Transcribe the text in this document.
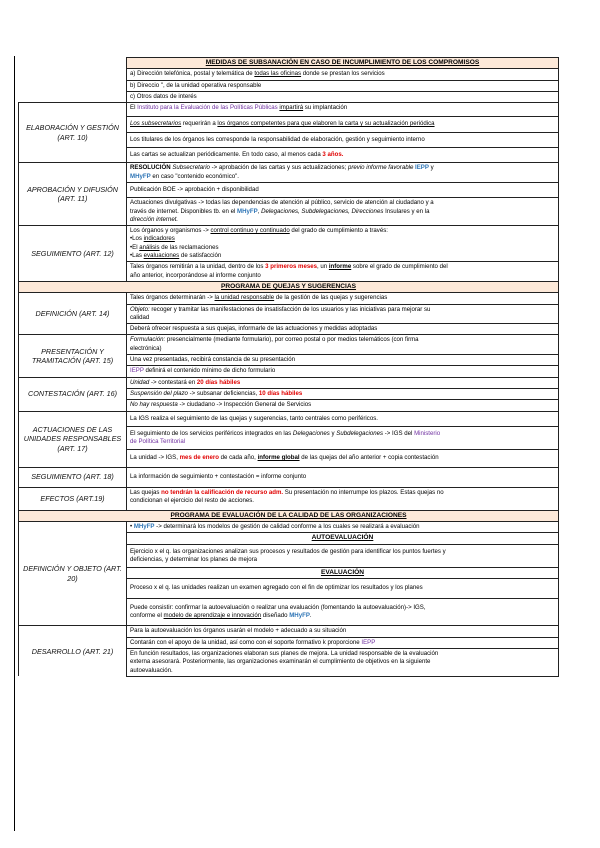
	MEDIDAS DE SUBSANACIÓN EN CASO DE INCUMPLIMIENTO DE LOS COMPROMISOS
	a) Dirección telefónica, postal y telemática de todas las oficinas donde se prestan los servicios
	b) Direccio ", de la unidad operativa responsable
	c) Otros datos de interés
ELABORACIÓN Y GESTIÓN (ART. 10)	El Instituto para la Evaluación de las Políticas Públicas impartirá su implantación
	Los subsecretarios requerirán a los órganos competentes para que elaboren la carta y su actualización periódica
	Los titulares de los órganos les corresponde la responsabilidad de elaboración, gestión y seguimiento interno
	Las cartas se actualizan periódicamente. En todo caso, al menos cada 3 años.
APROBACIÓN Y DIFUSIÓN (ART. 11)	RESOLUCIÓN Subsecretario -> aprobación de las cartas y sus actualizaciones; previo informe favorable IEPP y
MHyFP en caso "contenido económico".
	Publicación BOE -> aprobación + disponibilidad
	Actuaciones divulgativas -> todas las dependencias de atención al público, servicio de atención al ciudadano y a
través de internet. Disponibles tb. en el MHyFP, Delegaciones, Subdelegaciones, Direcciones Insulares y en la
dirección internet.
SEGUIMIENTO (ART. 12)	Los órganos y organismos -> control continuo y continuado del grado de cumplimiento a través:
•Los indicadores
•El análisis de las reclamaciones
•Las evaluaciones de satisfacción
	Tales órganos remitirán a la unidad, dentro de los 3 primeros meses, un informe sobre el grado de cumplimiento del
año anterior, incorporándose al informe conjunto
PROGRAMA DE QUEJAS Y SUGERENCIAS	
DEFINICIÓN (ART. 14)	Tales órganos determinarán -> la unidad responsable de la gestión de las quejas y sugerencias
	Objeto: recoger y tramitar las manifestaciones de insatisfacción de los usuarios y las iniciativas para mejorar su
calidad
	Deberá ofrecer respuesta a sus quejas, informarle de las actuaciones y medidas adoptadas
PRESENTACIÓN Y TRAMITACIÓN (ART. 15)	Formulación: presencialmente (mediante formulario), por correo postal o por medios telemáticos (con firma
electrónica)
	Una vez presentadas, recibirá constancia de su presentación
	IEPP definirá el contenido mínimo de dicho formulario
CONTESTACIÓN (ART. 16)	Unidad -> contestará en 20 días hábiles
	Suspensión del plazo -> subsanar deficiencias, 10 días hábiles
	No hay respuesta -> ciudadano -> Inspección General de Servicios
ACTUACIONES DE LAS UNIDADES RESPONSABLES (ART. 17)	La IGS realiza el seguimiento de las quejas y sugerencias, tanto centrales como periféricos.
	El seguimiento de los servicios periféricos integrados en las Delegaciones y Subdelegaciones -> IGS del Ministerio
de Política Territorial
	La unidad -> IGS, mes de enero de cada año, informe global de las quejas del año anterior + copia contestación
SEGUIMIENTO (ART. 18)	La información de seguimiento + contestación = informe conjunto
EFECTOS (ART.19)	Las quejas no tendrán la calificación de recurso adm. Su presentación no interrumpe los plazos. Estas quejas no
condicionan el ejercicio del resto de acciones.
PROGRAMA DE EVALUACIÓN DE LA CALIDAD DE LAS ORGANIZACIONES	
DEFINICIÓN Y OBJETO (ART. 20)	• MHyFP -> determinará los modelos de gestión de calidad conforme a los cuales se realizará a evaluación
	AUTOEVALUACIÓN
	Ejercicio x el q. las organizaciones analizan sus procesos y resultados de gestión para identificar los puntos fuertes y
deficiencias, y determinar los planes de mejora
	EVALUACIÓN
	Proceso x el q. las unidades realizan un examen agregado con el fin de optimizar los resultados y los planes
	Puede consistir: confirmar la autoevaluación o realizar una evaluación (fomentando la autoevaluación)-> IGS,
conforme el modelo de aprendizaje e innovación diseñado MHyFP.
DESARROLLO (ART. 21)	Para la autoevaluación los órganos usarán el modelo + adecuado a su situación
	Contarán con el apoyo de la unidad, así como con el soporte formativo k proporcione IEPP
	En función resultados, las organizaciones elaboran sus planes de mejora. La unidad responsable de la evaluación
externa asesorará. Posteriormente, las organizaciones examinarán el cumplimiento de objetivos en la siguiente
autoevaluación.
